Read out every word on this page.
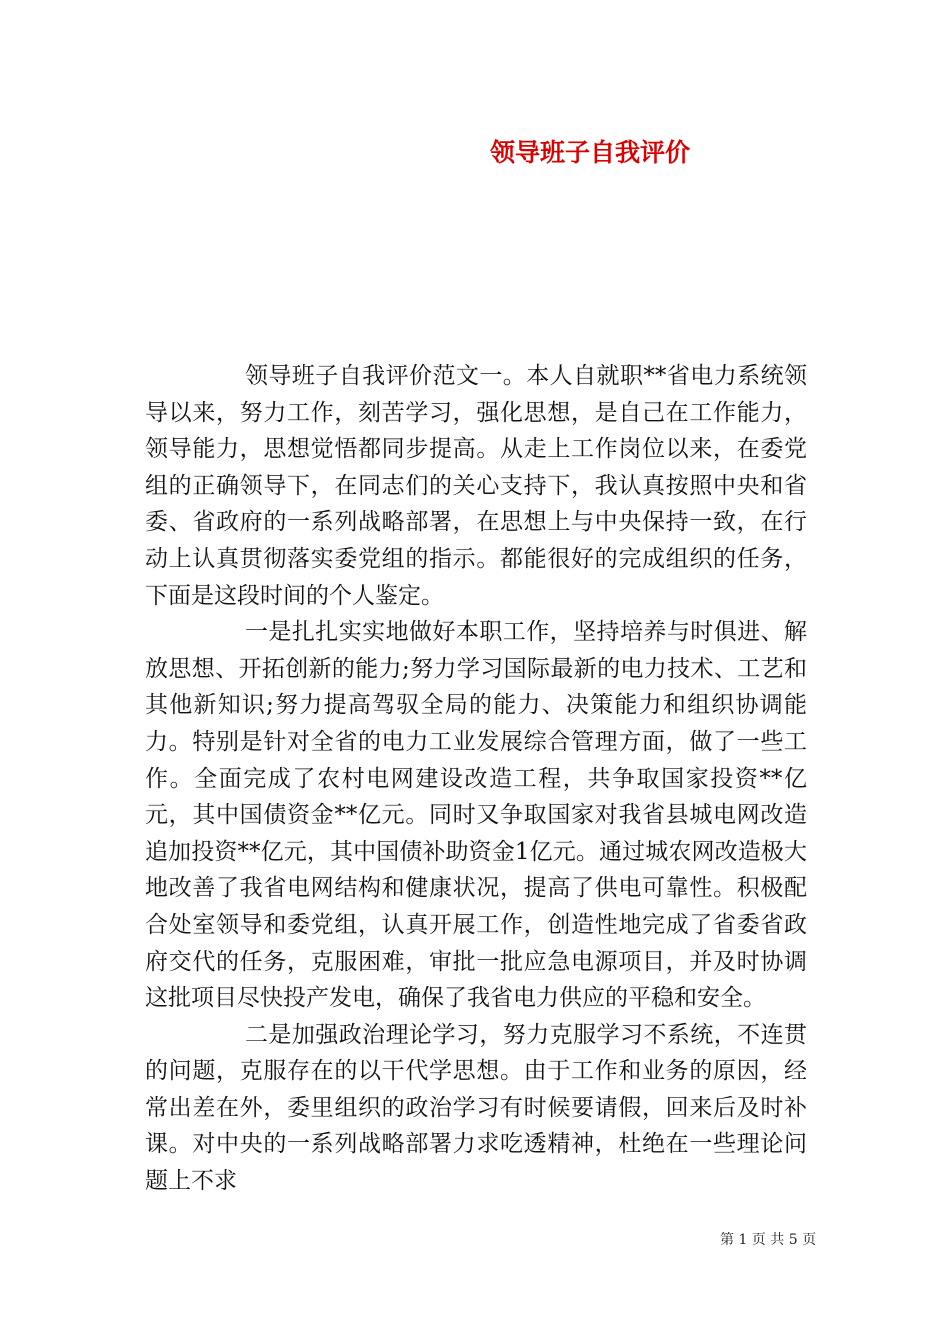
领导班子自我评价

领导班子自我评价范文一。本人自就职**省电力系统领导以来，努力工作，刻苦学习，强化思想，是自己在工作能力，领导能力，思想觉悟都同步提高。从走上工作岗位以来，在委党组的正确领导下，在同志们的关心支持下，我认真按照中央和省委、省政府的一系列战略部署，在思想上与中央保持一致，在行动上认真贯彻落实委党组的指示。都能很好的完成组织的任务，下面是这段时间的个人鉴定。

一是扎扎实实地做好本职工作，坚持培养与时俱进、解放思想、开拓创新的能力;努力学习国际最新的电力技术、工艺和其他新知识;努力提高驾驭全局的能力、决策能力和组织协调能力。特别是针对全省的电力工业发展综合管理方面，做了一些工作。全面完成了农村电网建设改造工程，共争取国家投资**亿元，其中国债资金**亿元。同时又争取国家对我省县城电网改造追加投资**亿元，其中国债补助资金1亿元。通过城农网改造极大地改善了我省电网结构和健康状况，提高了供电可靠性。积极配合处室领导和委党组，认真开展工作，创造性地完成了省委省政府交代的任务，克服困难，审批一批应急电源项目，并及时协调这批项目尽快投产发电，确保了我省电力供应的平稳和安全。

二是加强政治理论学习，努力克服学习不系统，不连贯的问题，克服存在的以干代学思想。由于工作和业务的原因，经常出差在外，委里组织的政治学习有时候要请假，回来后及时补课。对中央的一系列战略部署力求吃透精神，杜绝在一些理论问题上不求

第 1 页 共 5 页
